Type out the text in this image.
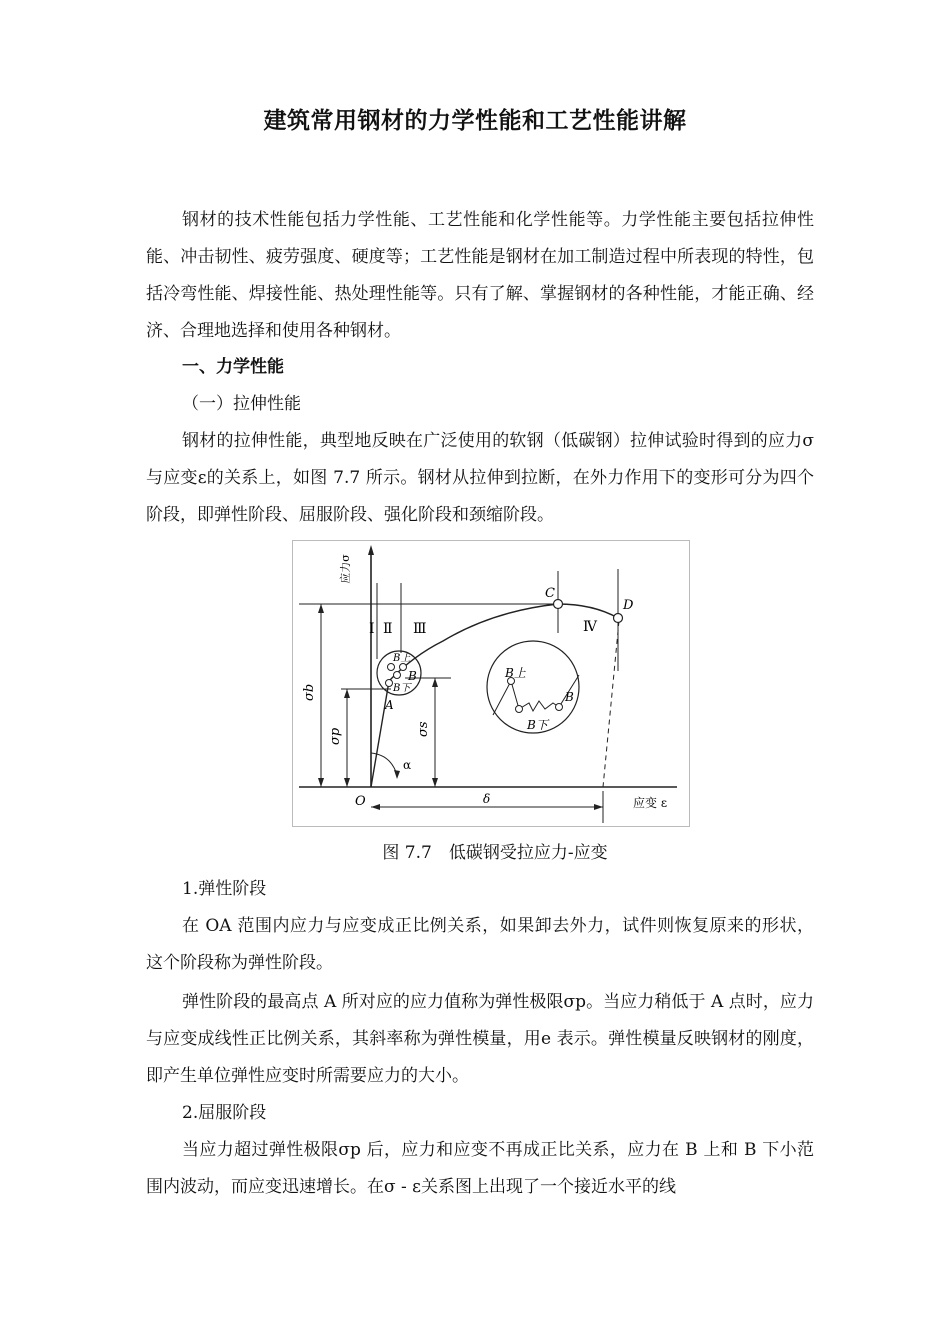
建筑常用钢材的力学性能和工艺性能讲解

钢材的技术性能包括力学性能、工艺性能和化学性能等。力学性能主要包括拉伸性能、冲击韧性、疲劳强度、硬度等；工艺性能是钢材在加工制造过程中所表现的特性，包括冷弯性能、焊接性能、热处理性能等。只有了解、掌握钢材的各种性能，才能正确、经济、合理地选择和使用各种钢材。

一、力学性能

（一）拉伸性能

钢材的拉伸性能，典型地反映在广泛使用的软钢（低碳钢）拉伸试验时得到的应力σ与应变ε的关系上，如图 7.7 所示。钢材从拉伸到拉断，在外力作用下的变形可分为四个阶段，即弹性阶段、屈服阶段、强化阶段和颈缩阶段。

应力σ
应变 ε
O
σb
σp	σs
Ⅰ Ⅱ Ⅲ	Ⅳ
α
B上
B下
B
A
C
D
B上
B下
B
δ

图 7.7　低碳钢受拉应力-应变

1.弹性阶段

在 OA 范围内应力与应变成正比例关系，如果卸去外力，试件则恢复原来的形状，这个阶段称为弹性阶段。

弹性阶段的最高点 A 所对应的应力值称为弹性极限σp。当应力稍低于 A 点时，应力与应变成线性正比例关系，其斜率称为弹性模量，用e 表示。弹性模量反映钢材的刚度，即产生单位弹性应变时所需要应力的大小。

2.屈服阶段

当应力超过弹性极限σp 后，应力和应变不再成正比关系，应力在 B 上和 B 下小范围内波动，而应变迅速增长。在σ - ε关系图上出现了一个接近水平的线
